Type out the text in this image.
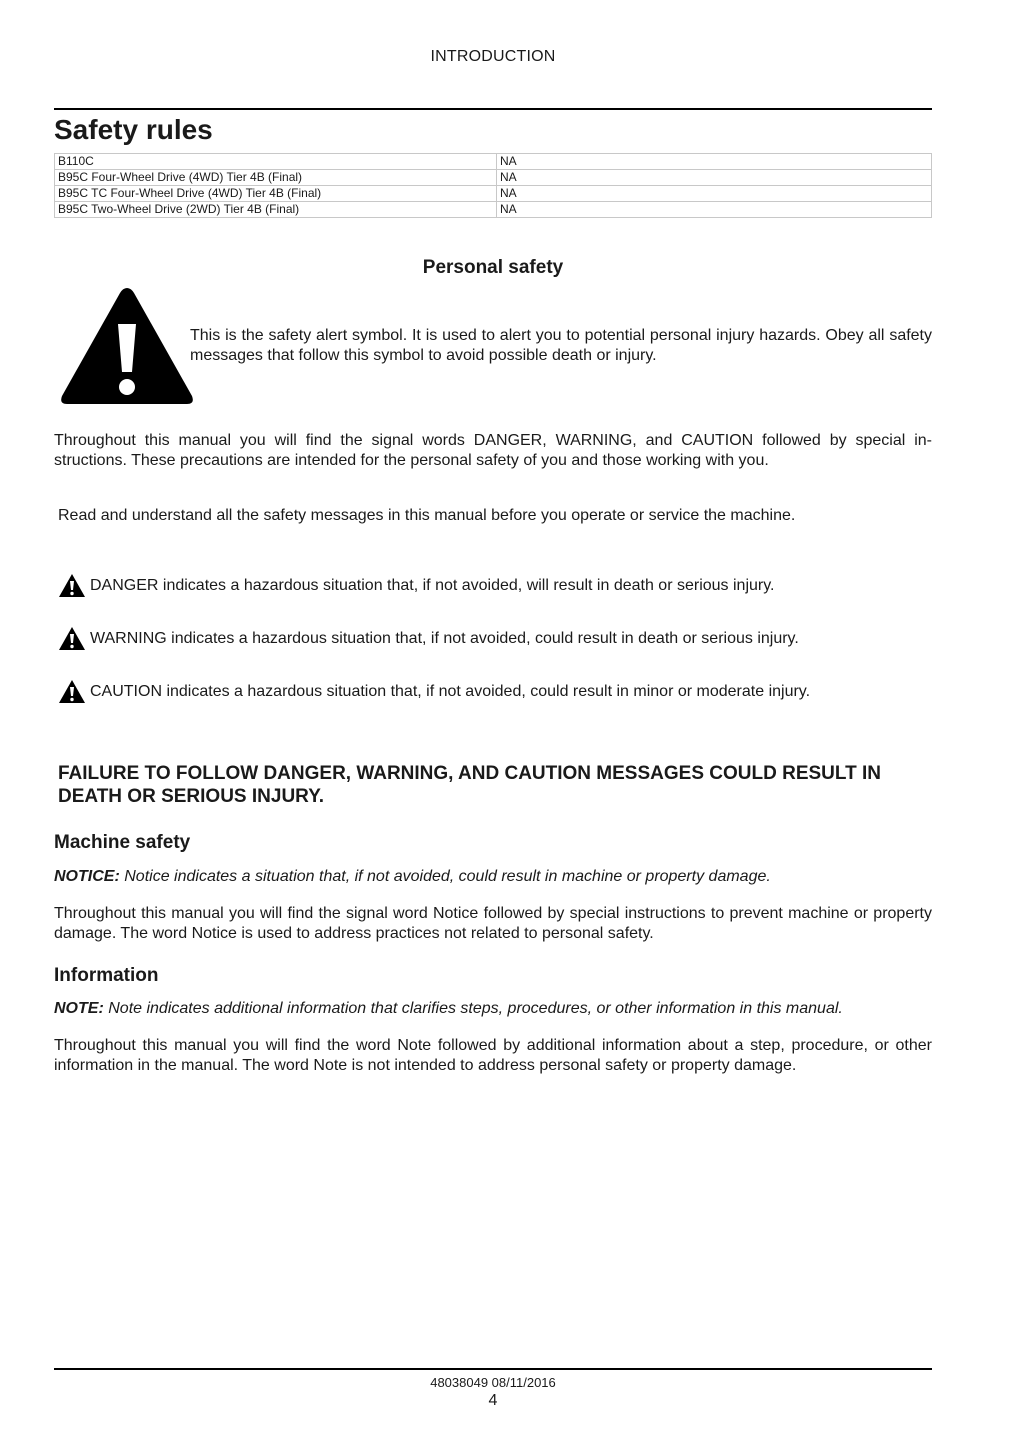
INTRODUCTION
Safety rules
B110C	NA
B95C Four-Wheel Drive (4WD) Tier 4B (Final)	NA
B95C TC Four-Wheel Drive (4WD) Tier 4B (Final)	NA
B95C Two-Wheel Drive (2WD) Tier 4B (Final)	NA
Personal safety
This is the safety alert symbol. It is used to alert you to potential personal injury hazards. Obey all safety messages that follow this symbol to avoid possible death or injury.
Throughout this manual you will find the signal words DANGER, WARNING, and CAUTION followed by special in-structions. These precautions are intended for the personal safety of you and those working with you.
Read and understand all the safety messages in this manual before you operate or service the machine.
DANGER indicates a hazardous situation that, if not avoided, will result in death or serious injury.
WARNING indicates a hazardous situation that, if not avoided, could result in death or serious injury.
CAUTION indicates a hazardous situation that, if not avoided, could result in minor or moderate injury.
FAILURE TO FOLLOW DANGER, WARNING, AND CAUTION MESSAGES COULD RESULT IN DEATH OR SERIOUS INJURY.
Machine safety
NOTICE: Notice indicates a situation that, if not avoided, could result in machine or property damage.
Throughout this manual you will find the signal word Notice followed by special instructions to prevent machine or property damage. The word Notice is used to address practices not related to personal safety.
Information
NOTE: Note indicates additional information that clarifies steps, procedures, or other information in this manual.
Throughout this manual you will find the word Note followed by additional information about a step, procedure, or other information in the manual. The word Note is not intended to address personal safety or property damage.
48038049 08/11/2016
4
